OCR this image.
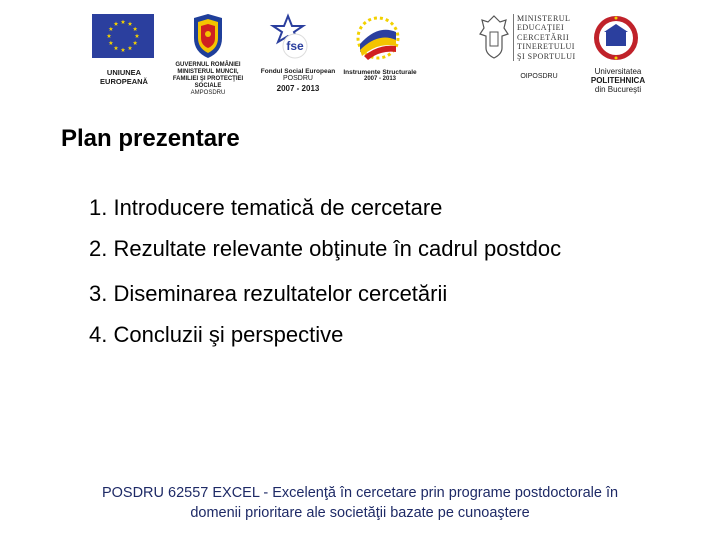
UNIUNEA EUROPEANĂ
GUVERNUL ROMÂNIEI
MINISTERUL MUNCII,
FAMILIEI ŞI PROTECŢIEI
SOCIALE
AMPOSDRU
fse
Fondul Social European
POSDRU
2007 - 2013
Instrumente Structurale
2007 - 2013
MINISTERUL
EDUCAŢIEI
CERCETĂRII
TINERETULUI
ŞI SPORTULUI
OIPOSDRU
Universitatea
POLITEHNICA
din Bucureşti
Plan prezentare
1. Introducere tematică de cercetare
2. Rezultate relevante obţinute în cadrul postdoc
3. Diseminarea rezultatelor cercetării
4. Concluzii şi perspective
POSDRU 62557 EXCEL - Excelenţă în cercetare prin programe postdoctorale în
domenii prioritare ale societăţii bazate pe cunoaştere
